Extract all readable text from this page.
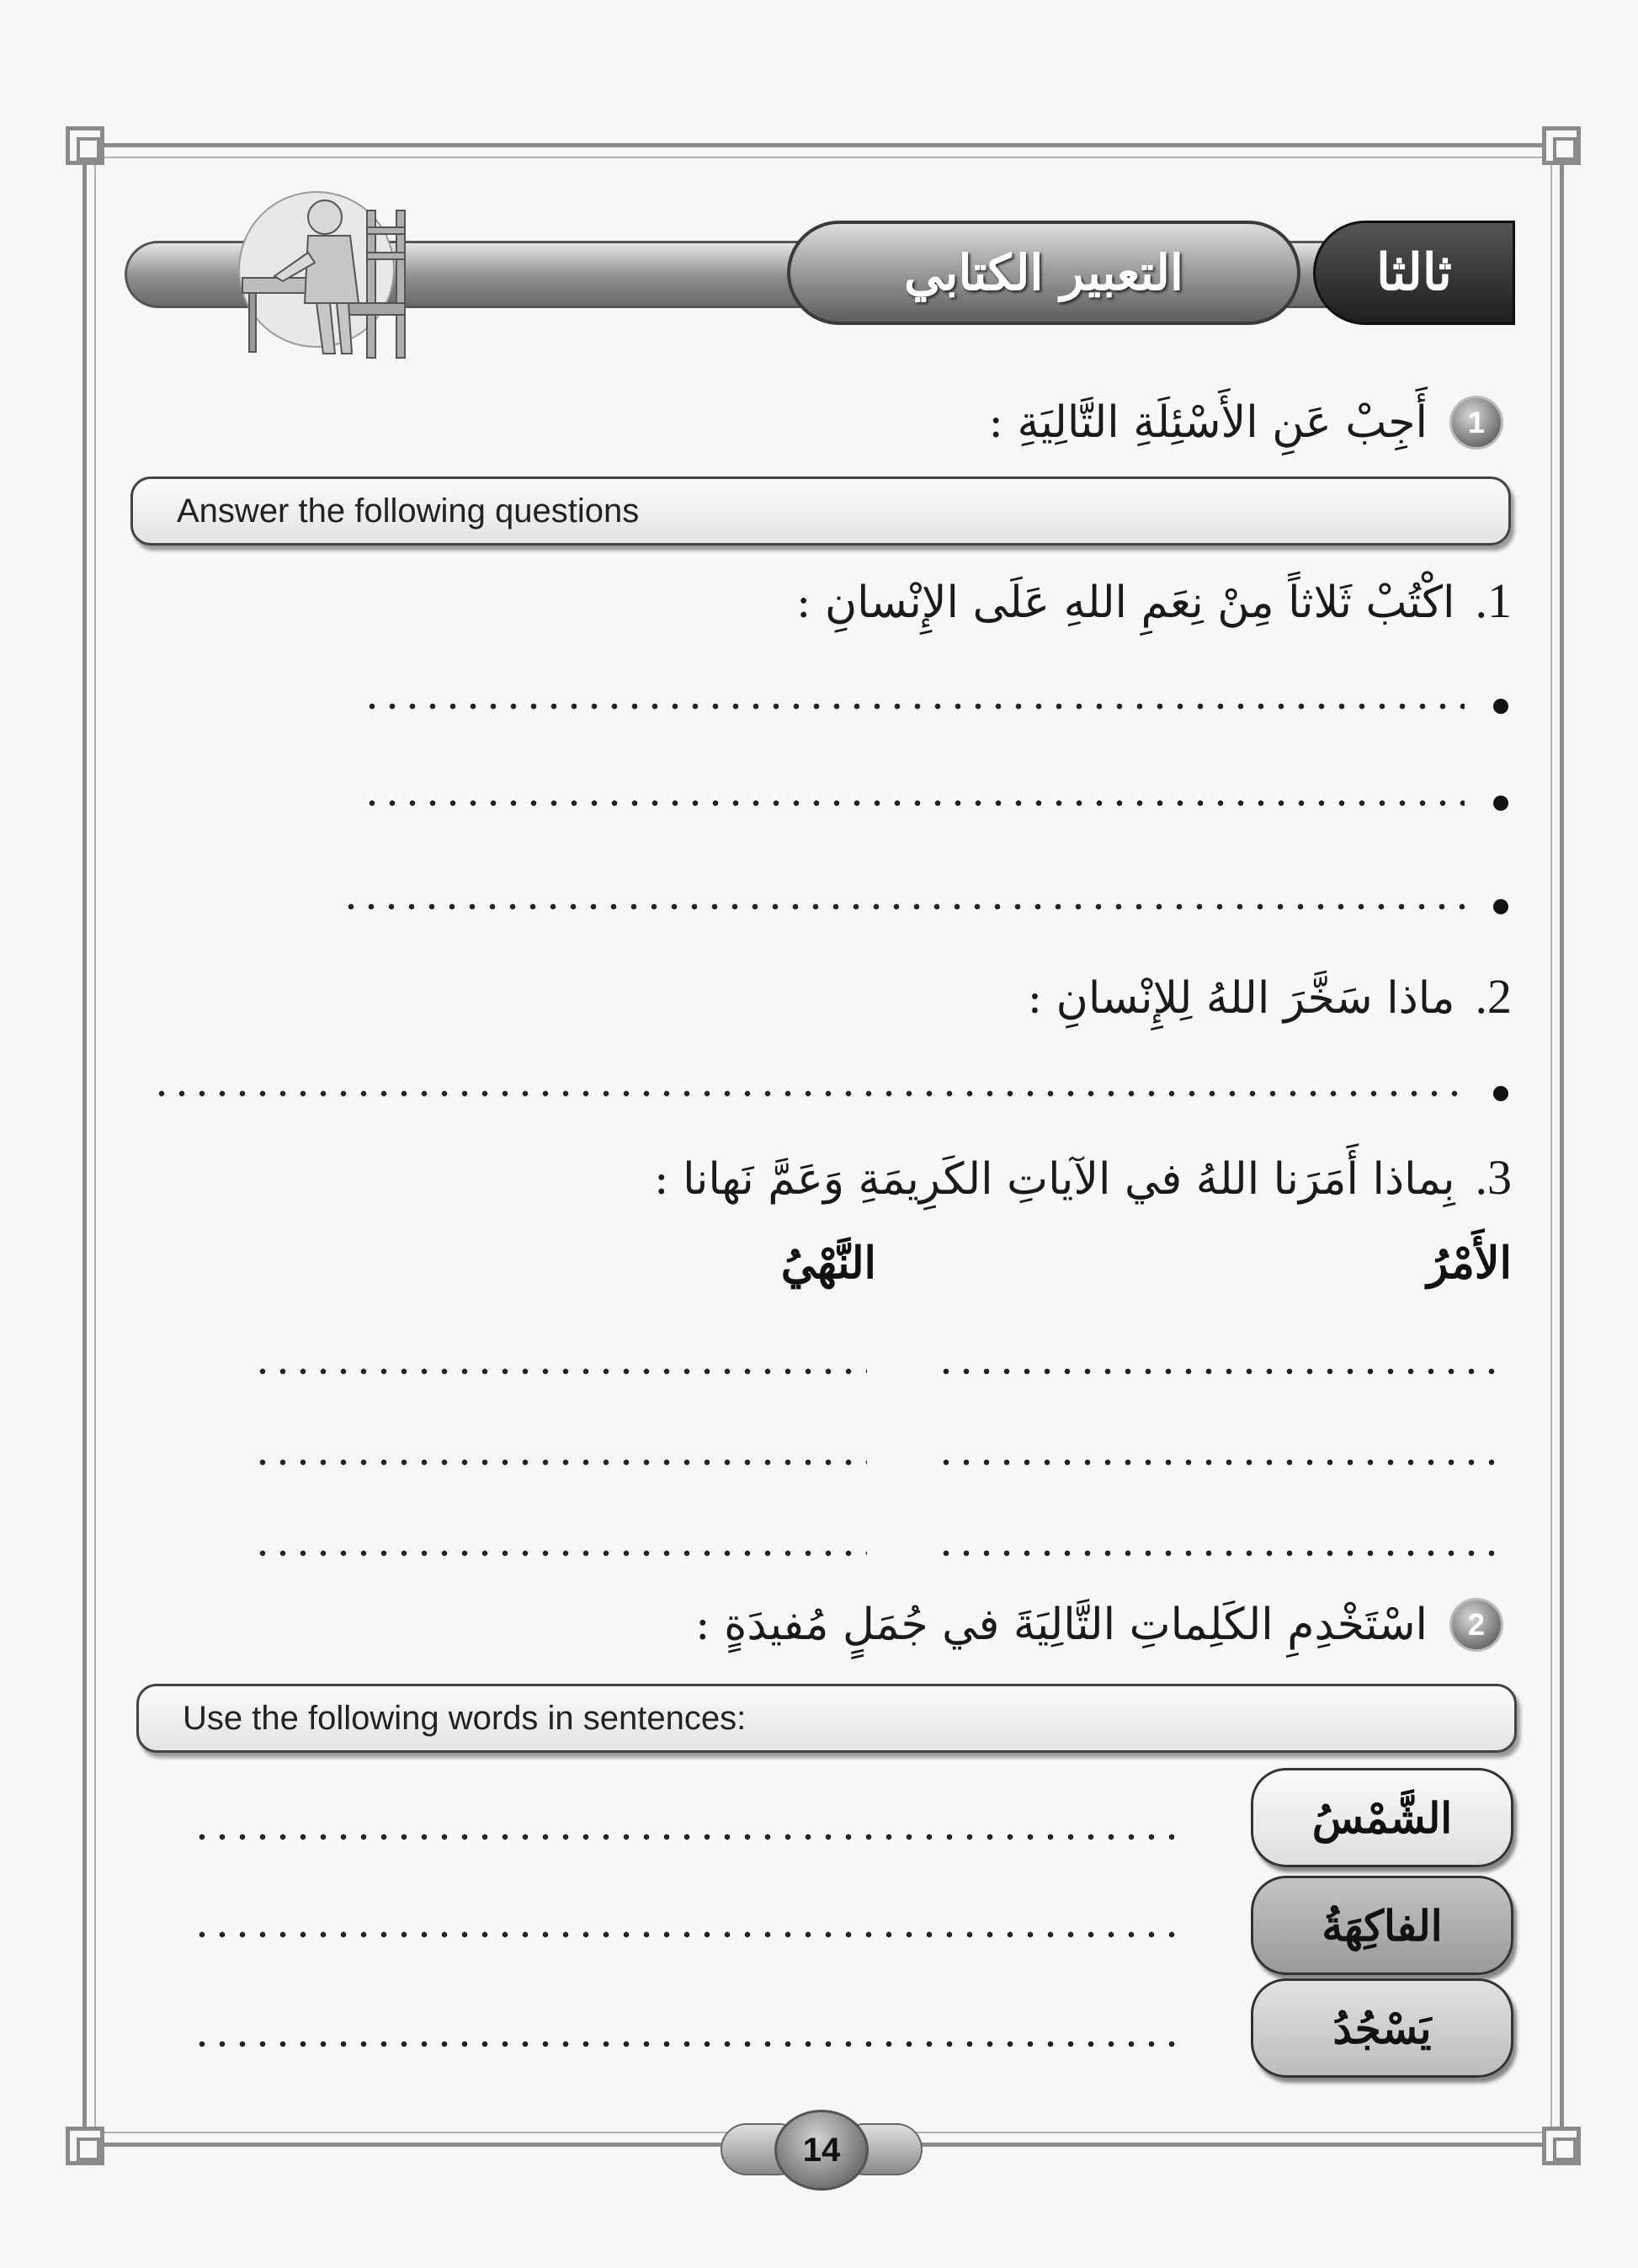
التعبير الكتابي	ثالثا
1
أَجِبْ عَنِ الأَسْئِلَةِ التَّالِيَةِ :
Answer the following questions
1.اكْتُبْ ثَلاثاً مِنْ نِعَمِ اللهِ عَلَى الإِنْسانِ :
2.ماذا سَخَّرَ اللهُ لِلإِنْسانِ :
3.بِماذا أَمَرَنا اللهُ في الآياتِ الكَرِيمَةِ وَعَمَّ نَهانا :
الأَمْرُ
النَّهْيُ
2
اسْتَخْدِمِ الكَلِماتِ التَّالِيَةَ في جُمَلٍ مُفيدَةٍ :
Use the following words in sentences:
الشَّمْسُ
الفاكِهَةُ
يَسْجُدُ
14
